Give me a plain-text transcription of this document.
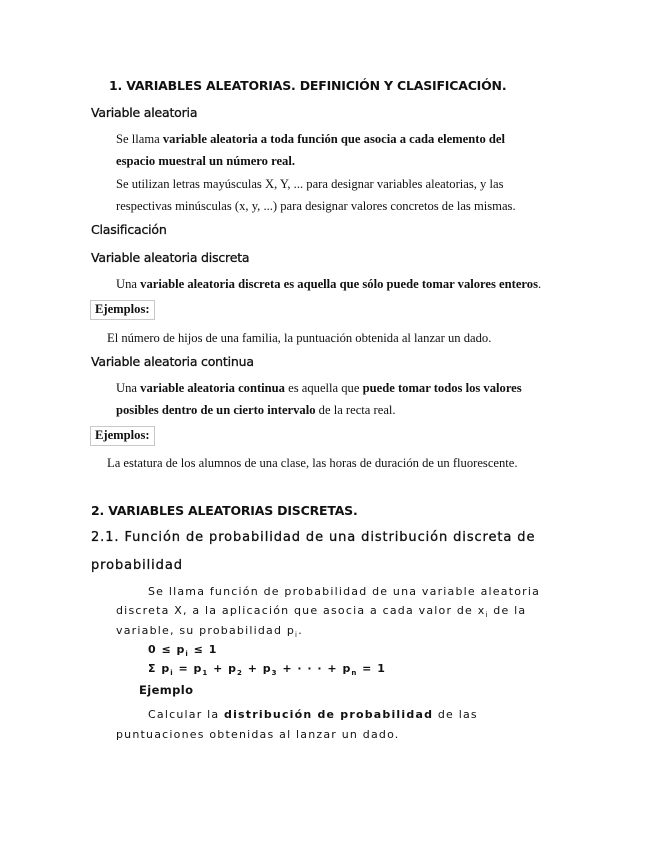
1. VARIABLES ALEATORIAS. DEFINICIÓN Y CLASIFICACIÓN.
Variable aleatoria
Se llama variable aleatoria a toda función que asocia a cada elemento del
espacio muestral un número real.
Se utilizan letras mayúsculas X, Y, ... para designar variables aleatorias, y las
respectivas minúsculas (x, y, ...) para designar valores concretos de las mismas.
Clasificación
Variable aleatoria discreta
Una variable aleatoria discreta es aquella que sólo puede tomar valores enteros.
Ejemplos:
El número de hijos de una familia, la puntuación obtenida al lanzar un dado.
Variable aleatoria continua
Una variable aleatoria continua es aquella que puede tomar todos los valores
posibles dentro de un cierto intervalo de la recta real.
Ejemplos:
La estatura de los alumnos de una clase, las horas de duración de un fluorescente.
2. VARIABLES ALEATORIAS DISCRETAS.
2.1. Función de probabilidad de una distribución discreta de
probabilidad
Se llama función de probabilidad de una variable aleatoria
discreta X, a la aplicación que asocia a cada valor de $x_i$ de la
variable, su probabilidad $p_i$.
$0 \le p_i \le 1$
Σ $p_i = p_1 + p_2 + p_3$ + · · · + $p_n = 1$
Ejemplo
Calcular la distribución de probabilidad de las
puntuaciones obtenidas al lanzar un dado.
